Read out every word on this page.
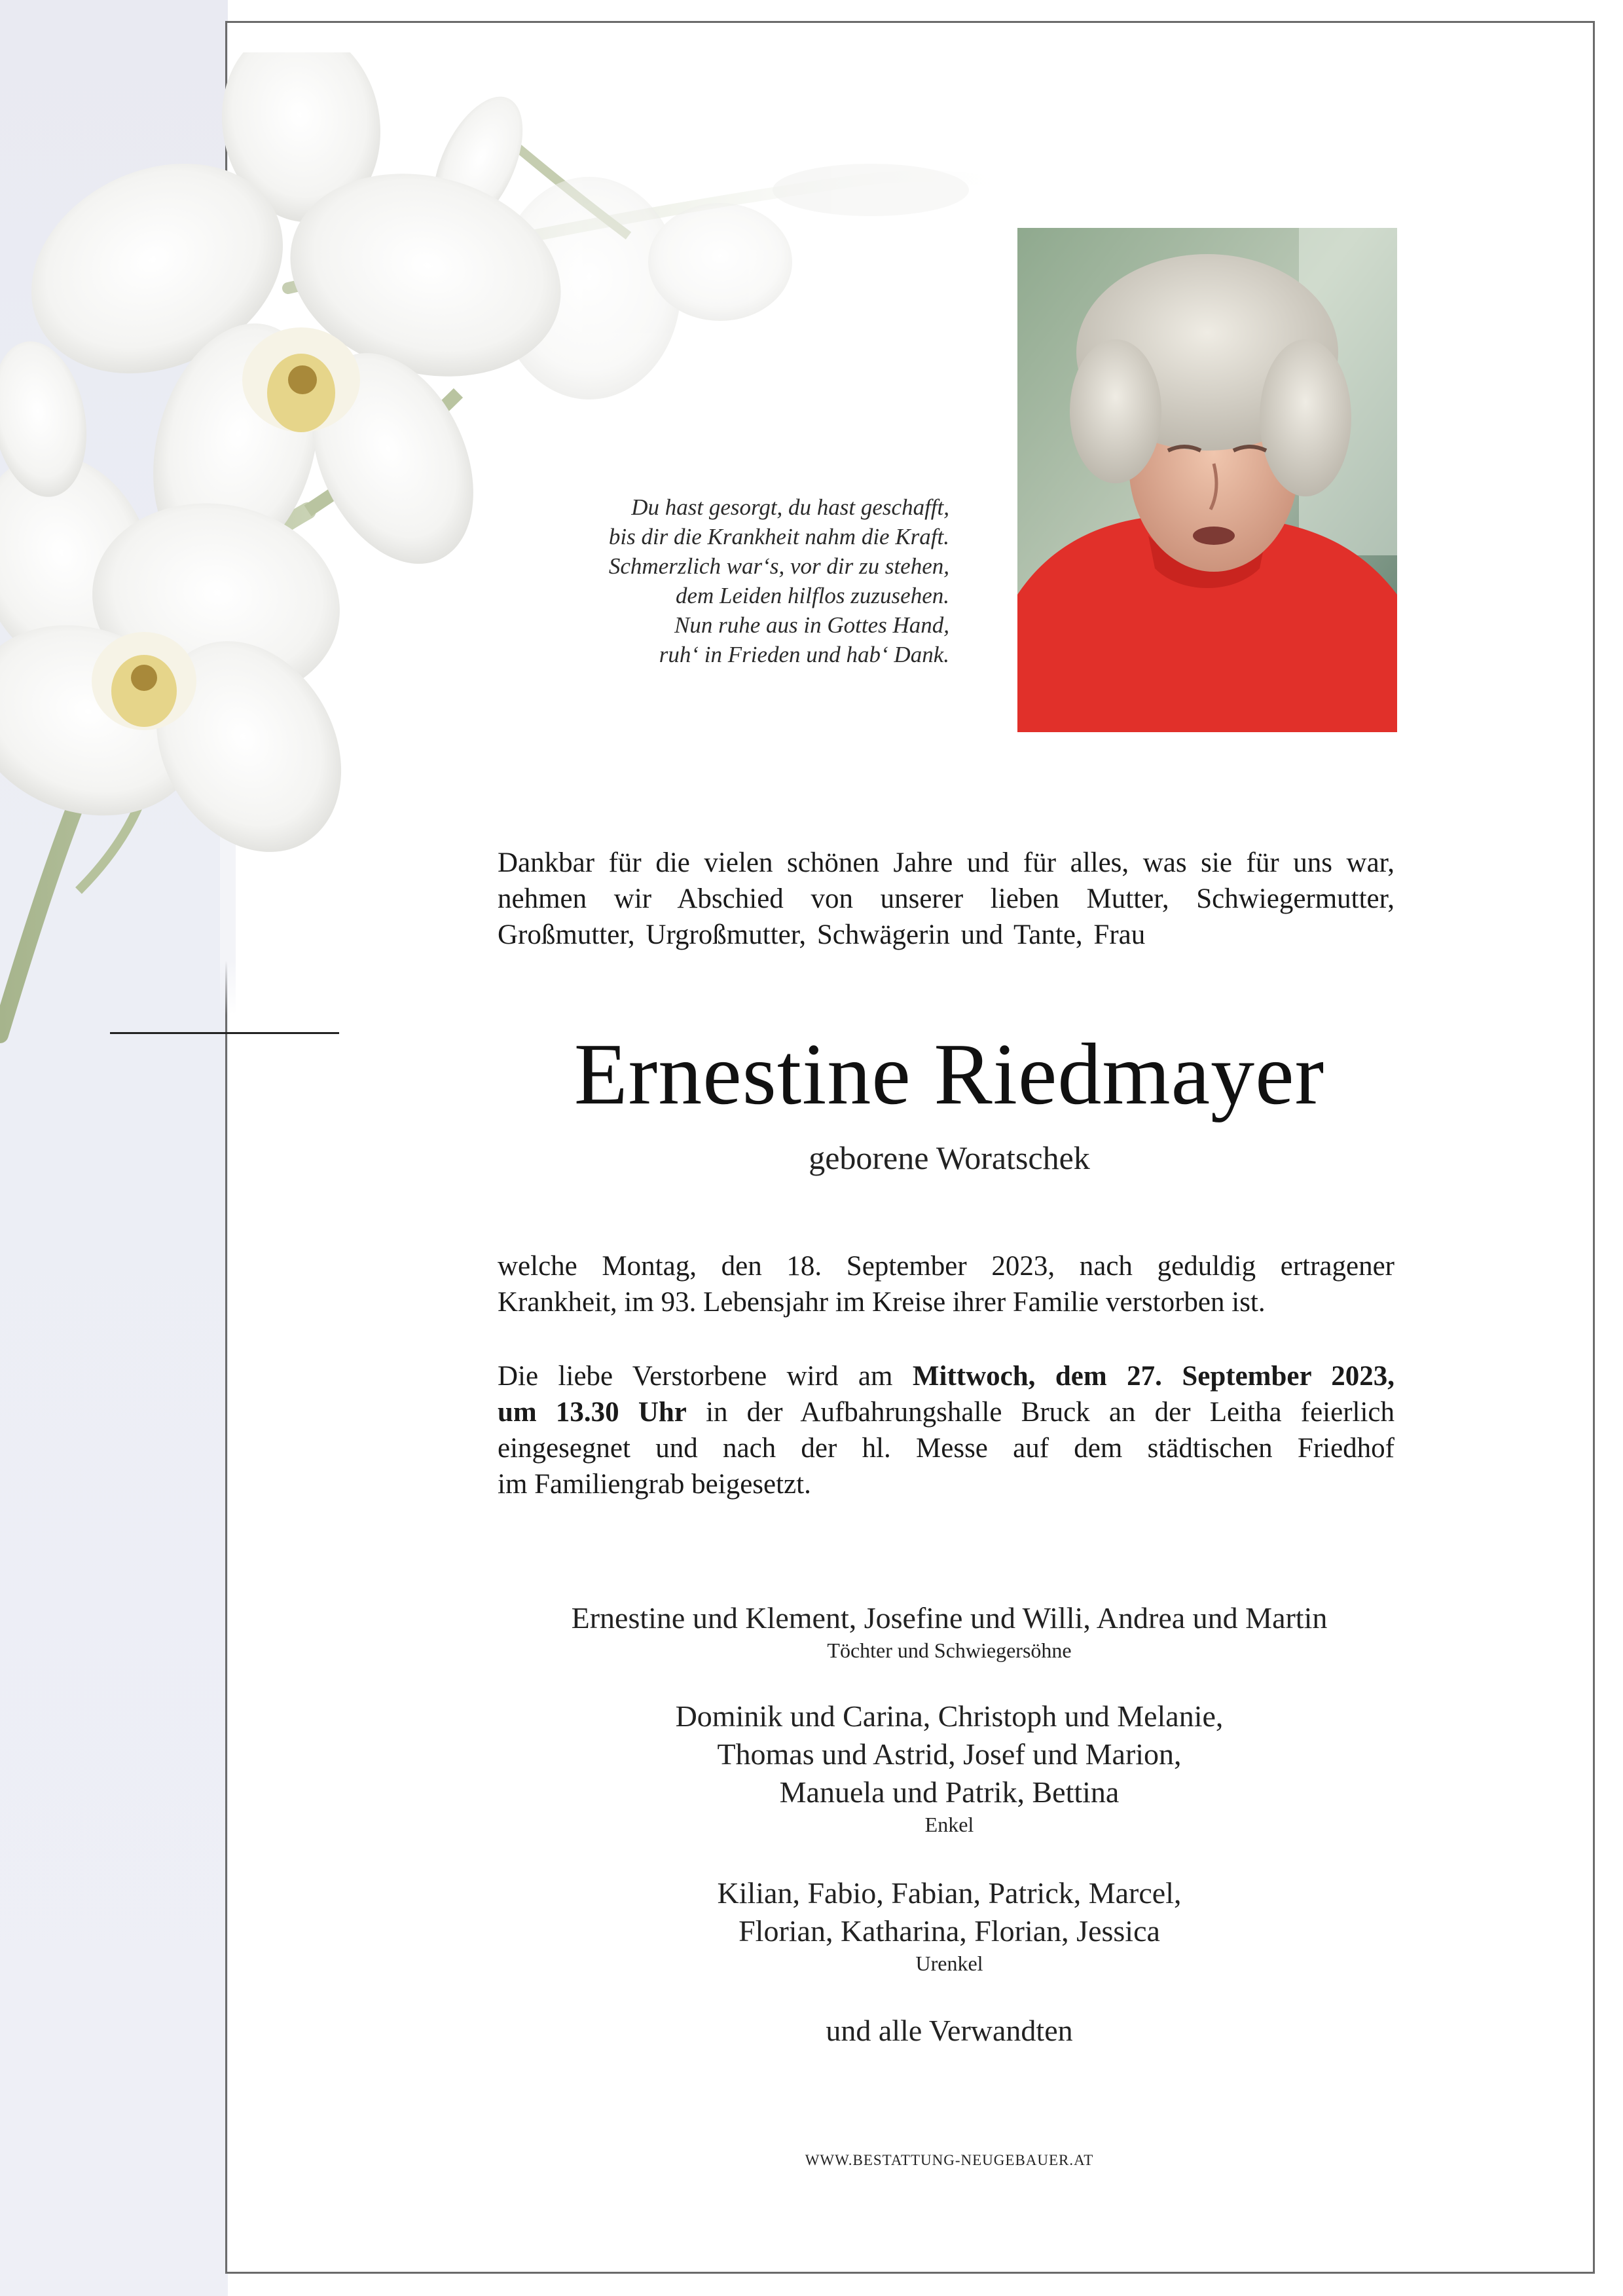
Du hast gesorgt, du hast geschafft,
bis dir die Krankheit nahm die Kraft.
Schmerzlich war‘s, vor dir zu stehen,
dem Leiden hilflos zuzusehen.
Nun ruhe aus in Gottes Hand,
ruh‘ in Frieden und hab‘ Dank.
Dankbar für die vielen schönen Jahre und für alles, was sie für uns war,
nehmen wir Abschied von unserer lieben Mutter, Schwiegermutter,
Großmutter, Urgroßmutter, Schwägerin und Tante, Frau
Ernestine Riedmayer
geborene Woratschek
welche Montag, den 18. September 2023, nach geduldig ertragener
Krankheit, im 93. Lebensjahr im Kreise ihrer Familie verstorben ist.
Die liebe Verstorbene wird am Mittwoch, dem 27. September 2023,
um 13.30 Uhr in der Aufbahrungshalle Bruck an der Leitha feierlich
eingesegnet und nach der hl. Messe auf dem städtischen Friedhof
im Familiengrab beigesetzt.
Ernestine und Klement, Josefine und Willi, Andrea und Martin
Töchter und Schwiegersöhne
Dominik und Carina, Christoph und Melanie,
Thomas und Astrid, Josef und Marion,
Manuela und Patrik, Bettina
Enkel
Kilian, Fabio, Fabian, Patrick, Marcel,
Florian, Katharina, Florian, Jessica
Urenkel
und alle Verwandten
WWW.BESTATTUNG-NEUGEBAUER.AT
